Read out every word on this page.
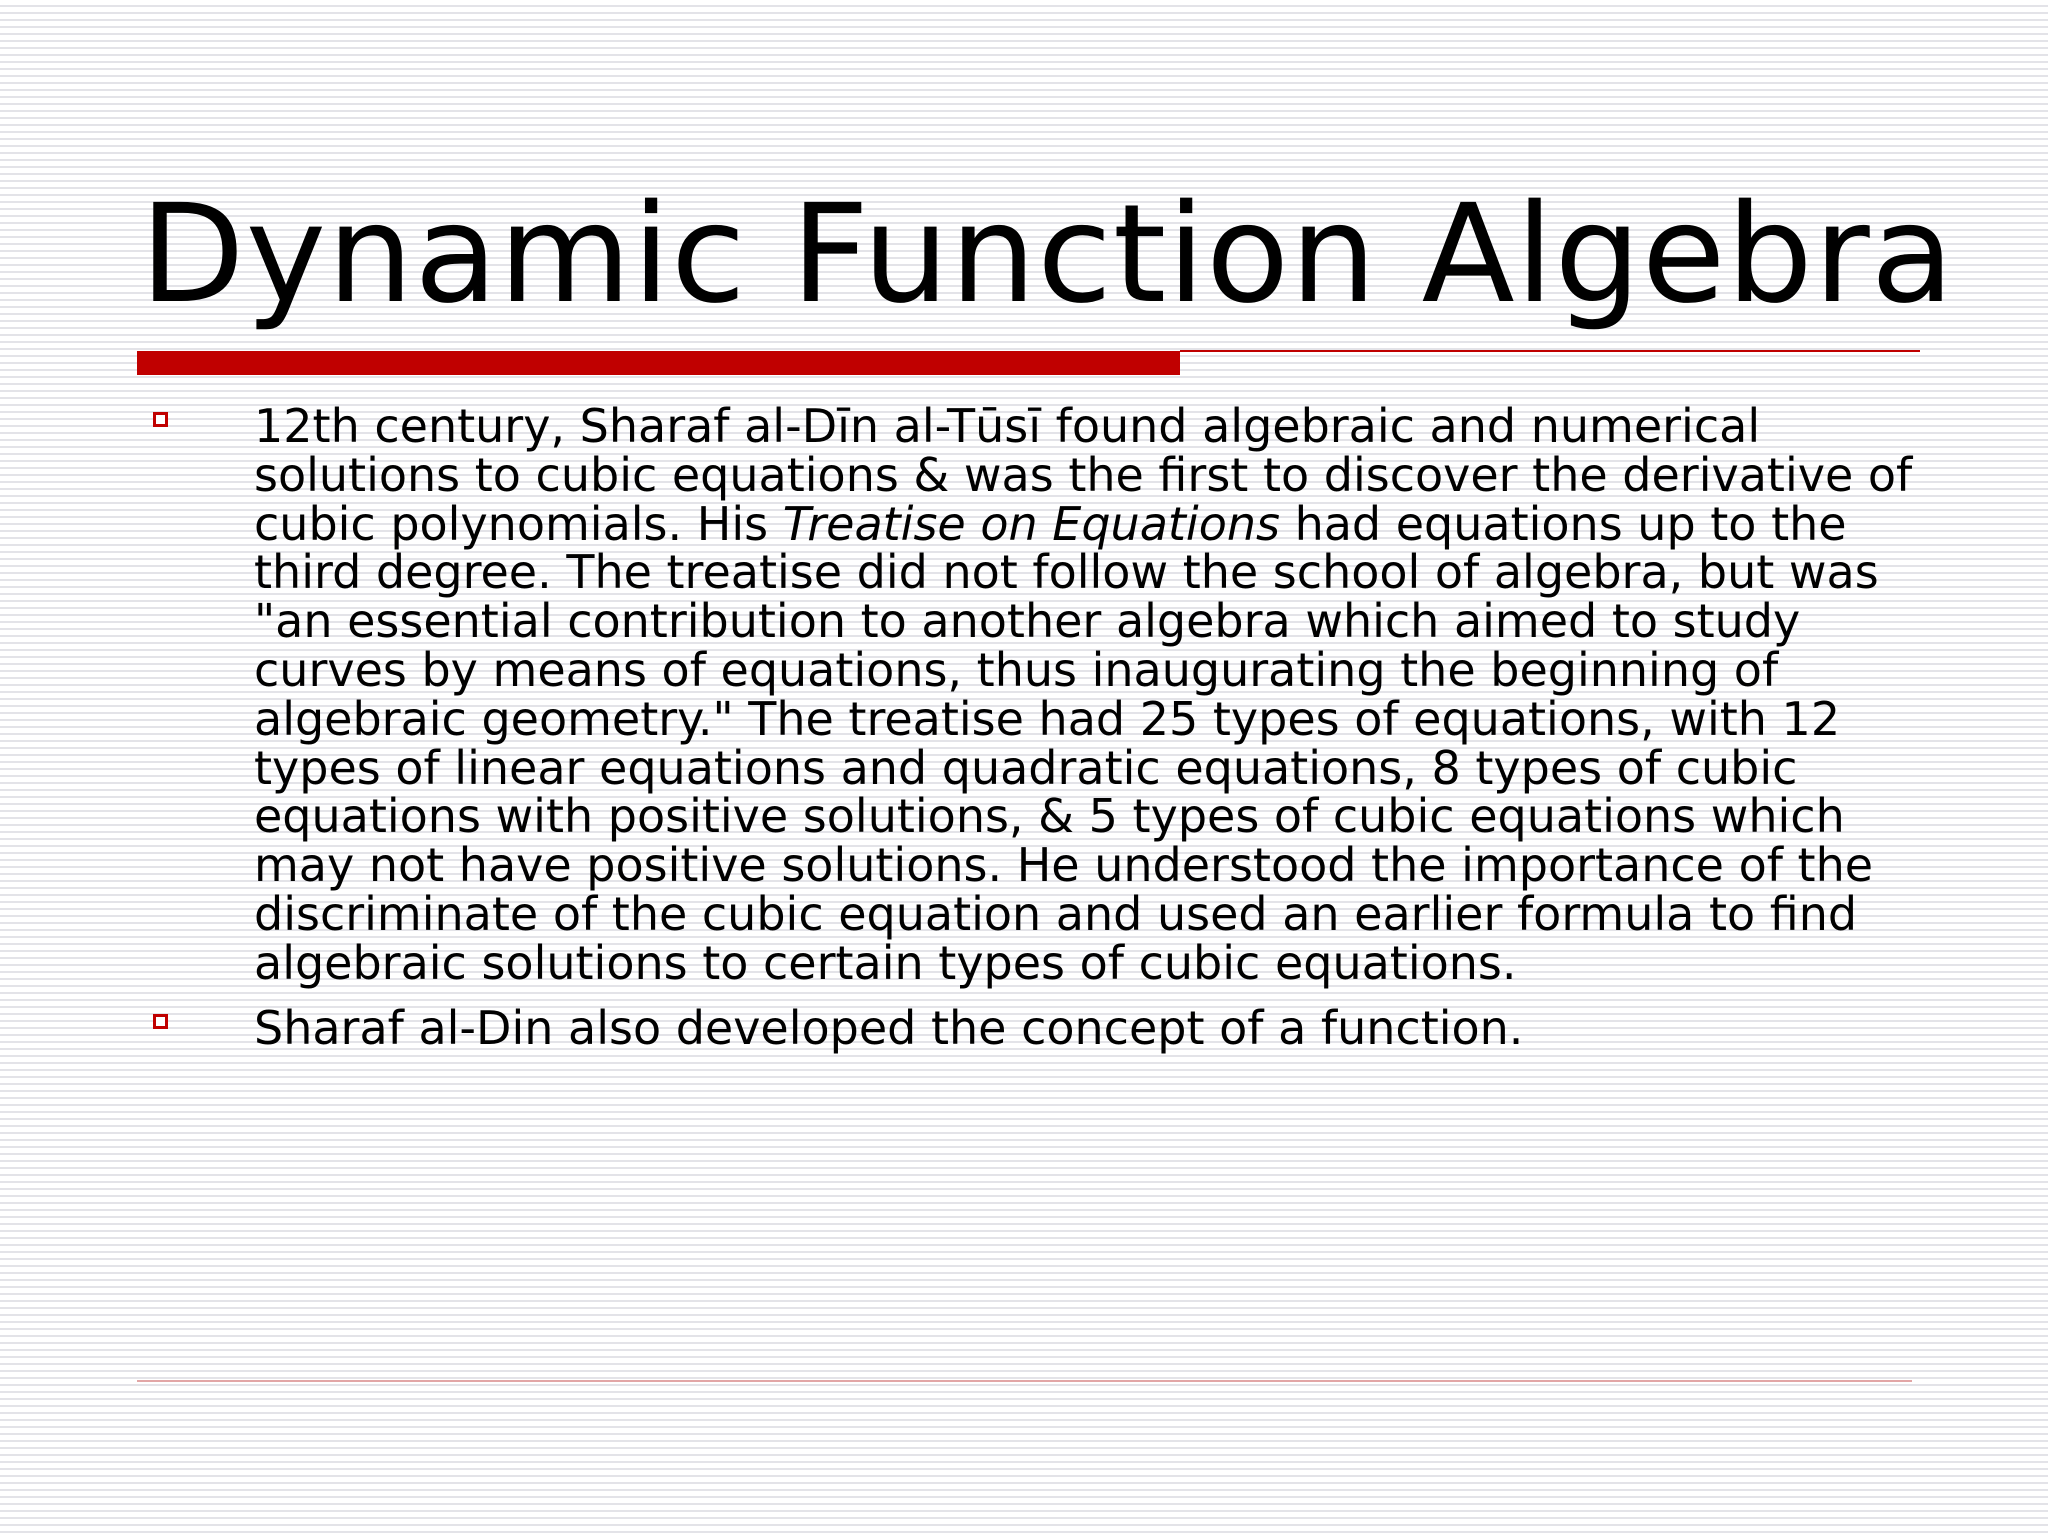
Dynamic Function Algebra
12th century, Sharaf al-Dīn al-Tūsī found algebraic and numerical solutions to cubic equations & was the first to discover the derivative of cubic polynomials. His Treatise on Equations had equations up to the third degree. The treatise did not follow the school of algebra, but was "an essential contribution to another algebra which aimed to study curves by means of equations, thus inaugurating the beginning of algebraic geometry." The treatise had 25 types of equations, with 12 types of linear equations and quadratic equations, 8 types of cubic equations with positive solutions, & 5 types of cubic equations which may not have positive solutions. He understood the importance of the discriminate of the cubic equation and used an earlier formula to find algebraic solutions to certain types of cubic equations.
Sharaf al-Din also developed the concept of a function.
